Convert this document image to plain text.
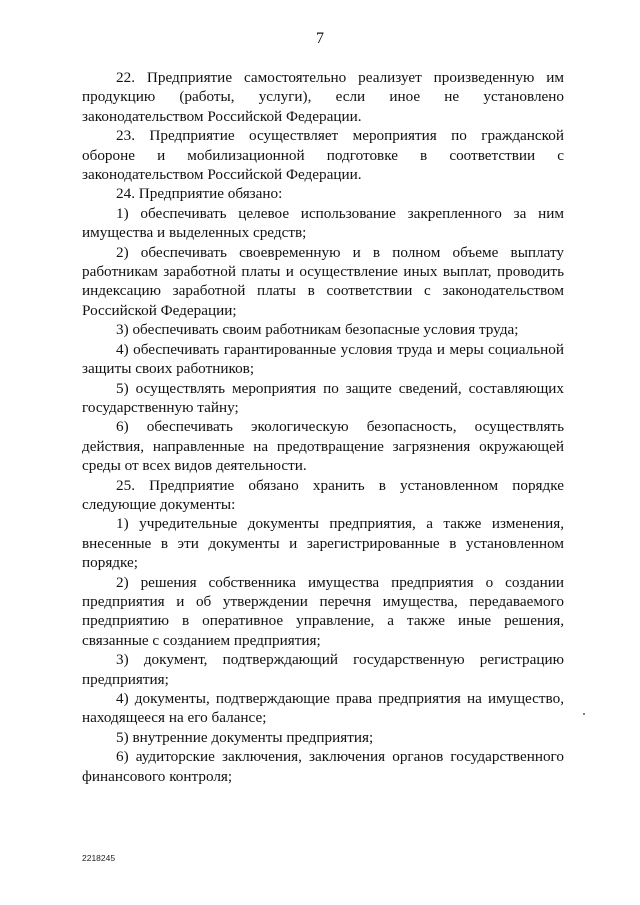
7

22. Предприятие самостоятельно реализует произведенную им продукцию (работы, услуги), если иное не установлено законодательством Российской Федерации.

23. Предприятие осуществляет мероприятия по гражданской обороне и мобилизационной подготовке в соответствии с законодательством Российской Федерации.

24. Предприятие обязано:

1) обеспечивать целевое использование закрепленного за ним имущества и выделенных средств;

2) обеспечивать своевременную и в полном объеме выплату работникам заработной платы и осуществление иных выплат, проводить индексацию заработной платы в соответствии с законодательством Российской Федерации;

3) обеспечивать своим работникам безопасные условия труда;

4) обеспечивать гарантированные условия труда и меры социальной защиты своих работников;

5) осуществлять мероприятия по защите сведений, составляющих государственную тайну;

6) обеспечивать экологическую безопасность, осуществлять действия, направленные на предотвращение загрязнения окружающей среды от всех видов деятельности.

25. Предприятие обязано хранить в установленном порядке следующие документы:

1) учредительные документы предприятия, а также изменения, внесенные в эти документы и зарегистрированные в установленном порядке;

2) решения собственника имущества предприятия о создании предприятия и об утверждении перечня имущества, передаваемого предприятию в оперативное управление, а также иные решения, связанные с созданием предприятия;

3) документ, подтверждающий государственную регистрацию предприятия;

4) документы, подтверждающие права предприятия на имущество, находящееся на его балансе;

5) внутренние документы предприятия;

6) аудиторские заключения, заключения органов государственного финансового контроля;

2218245
